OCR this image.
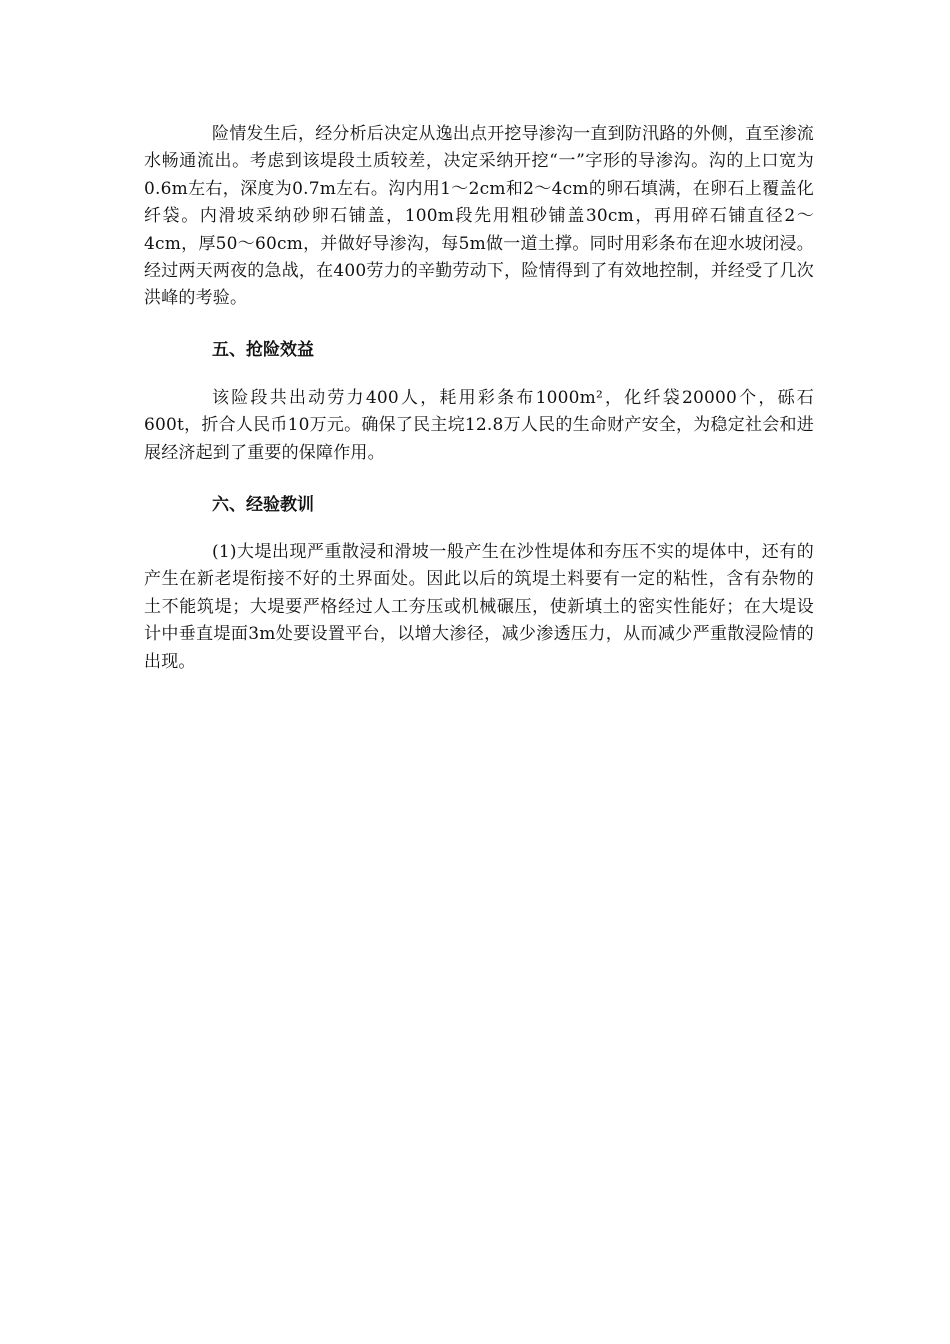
险情发生后，经分析后决定从逸出点开挖导渗沟一直到防汛路的外侧，直至渗流水畅通流出。考虑到该堤段土质较差，决定采纳开挖“一”字形的导渗沟。沟的上口宽为0.6m左右，深度为0.7m左右。沟内用1～2cm和2～4cm的卵石填满，在卵石上覆盖化纤袋。内滑坡采纳砂卵石铺盖，100m段先用粗砂铺盖30cm，再用碎石铺直径2～4cm，厚50～60cm，并做好导渗沟，每5m做一道土撑。同时用彩条布在迎水坡闭浸。经过两天两夜的急战，在400劳力的辛勤劳动下，险情得到了有效地控制，并经受了几次洪峰的考验。

五、抢险效益

该险段共出动劳力400人，耗用彩条布1000m²，化纤袋20000个，砾石600t，折合人民币10万元。确保了民主垸12.8万人民的生命财产安全，为稳定社会和进展经济起到了重要的保障作用。

六、经验教训

(1)大堤出现严重散浸和滑坡一般产生在沙性堤体和夯压不实的堤体中，还有的产生在新老堤衔接不好的土界面处。因此以后的筑堤土料要有一定的粘性，含有杂物的土不能筑堤；大堤要严格经过人工夯压或机械碾压，使新填土的密实性能好；在大堤设计中垂直堤面3m处要设置平台，以增大渗径，减少渗透压力，从而减少严重散浸险情的出现。
